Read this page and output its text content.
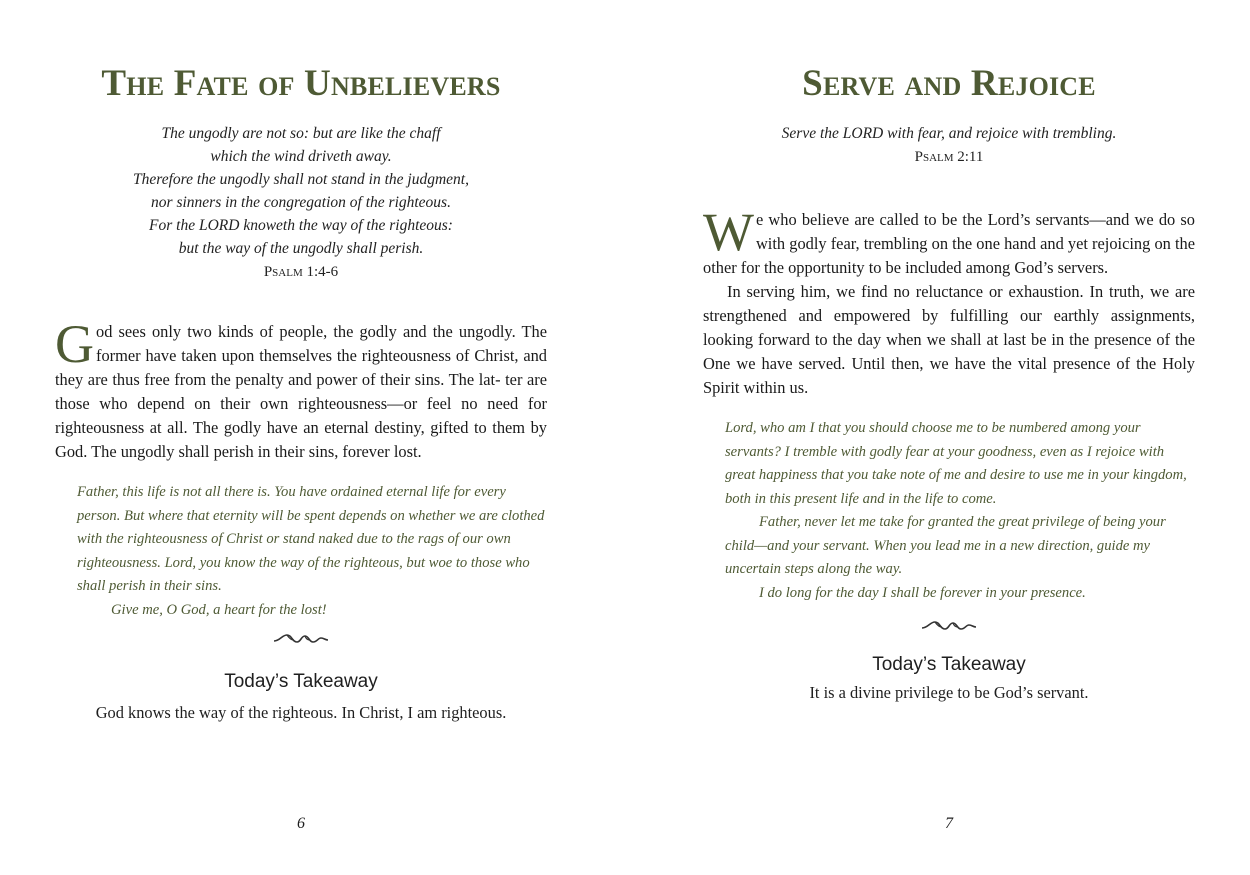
The Fate of Unbelievers
The ungodly are not so: but are like the chaff
which the wind driveth away.
Therefore the ungodly shall not stand in the judgment,
nor sinners in the congregation of the righteous.
For the LORD knoweth the way of the righteous:
but the way of the ungodly shall perish.
Psalm 1:4-6

God sees only two kinds of people, the godly and the ungodly. The former have taken upon themselves the righteousness of Christ, and they are thus free from the penalty and power of their sins. The lat- ter are those who depend on their own righteousness—or feel no need for righteousness at all. The godly have an eternal destiny, gifted to them by God. The ungodly shall perish in their sins, forever lost.

Father, this life is not all there is. You have ordained eternal life for every person. But where that eternity will be spent depends on whether we are clothed with the righteousness of Christ or stand naked due to the rags of our own righteousness. Lord, you know the way of the righteous, but woe to those who shall perish in their sins.

Give me, O God, a heart for the lost!

Today’s Takeaway
God knows the way of the righteous. In Christ, I am righteous.
6
Serve and Rejoice
Serve the LORD with fear, and rejoice with trembling.
Psalm 2:11

We who believe are called to be the Lord’s servants—and we do so with godly fear, trembling on the one hand and yet rejoicing on the other for the opportunity to be included among God’s servers.

In serving him, we find no reluctance or exhaustion. In truth, we are strengthened and empowered by fulfilling our earthly assignments, looking forward to the day when we shall at last be in the presence of the One we have served. Until then, we have the vital presence of the Holy Spirit within us.

Lord, who am I that you should choose me to be numbered among your servants? I tremble with godly fear at your goodness, even as I rejoice with great happiness that you take note of me and desire to use me in your kingdom, both in this present life and in the life to come.

Father, never let me take for granted the great privilege of being your child—and your servant. When you lead me in a new direction, guide my uncertain steps along the way.

I do long for the day I shall be forever in your presence.

Today’s Takeaway
It is a divine privilege to be God’s servant.
7
